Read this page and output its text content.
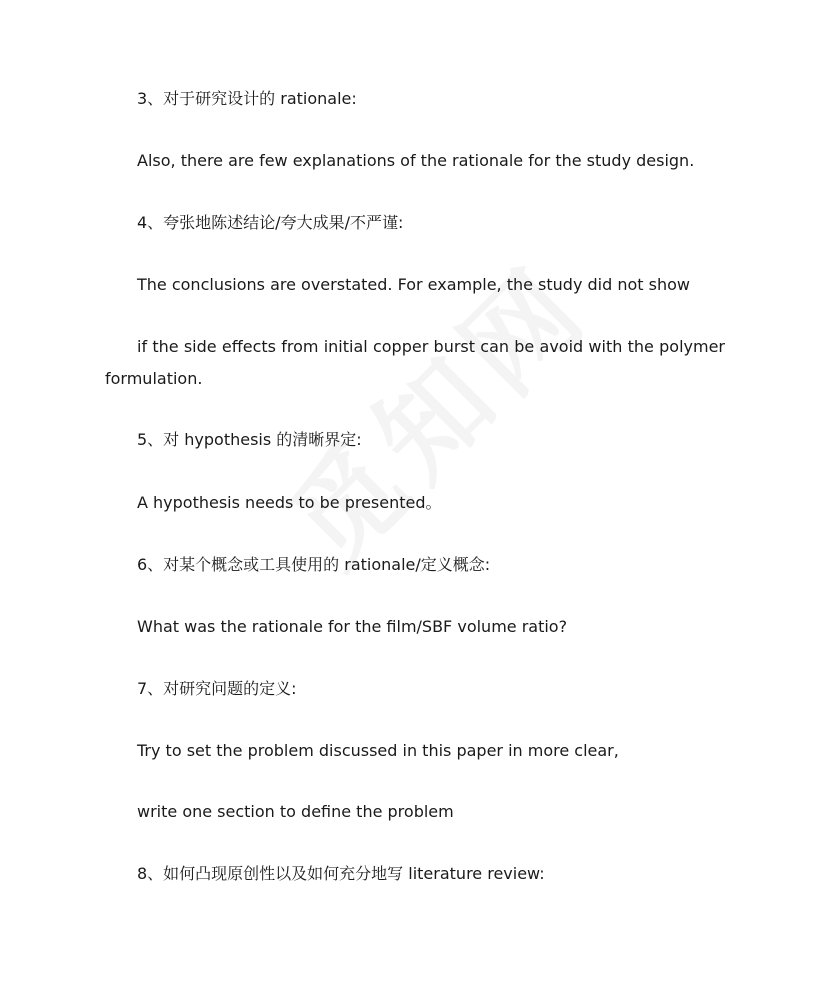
3、对于研究设计的 rationale:

Also, there are few explanations of the rationale for the study design.

4、夸张地陈述结论/夸大成果/不严谨:

The conclusions are overstated. For example, the study did not show

if the side effects from initial copper burst can be avoid with the polymer formulation.

5、对 hypothesis 的清晰界定:

A hypothesis needs to be presented。

6、对某个概念或工具使用的 rationale/定义概念:

What was the rationale for the film/SBF volume ratio?

7、对研究问题的定义:

Try to set the problem discussed in this paper in more clear,

write one section to define the problem

8、如何凸现原创性以及如何充分地写 literature review:
